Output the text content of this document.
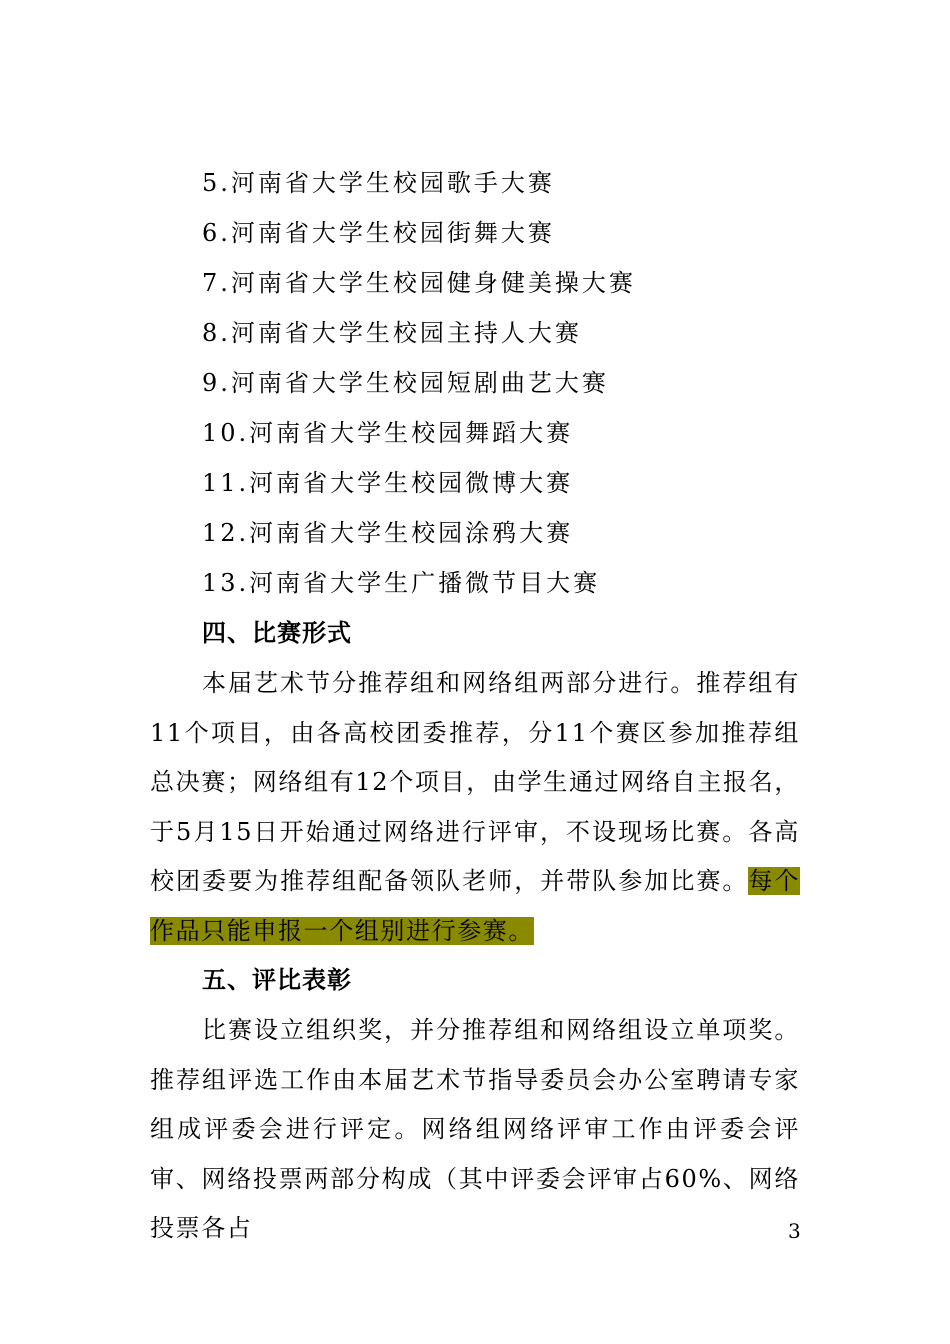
5.河南省大学生校园歌手大赛
6.河南省大学生校园街舞大赛
7.河南省大学生校园健身健美操大赛
8.河南省大学生校园主持人大赛
9.河南省大学生校园短剧曲艺大赛
10.河南省大学生校园舞蹈大赛
11.河南省大学生校园微博大赛
12.河南省大学生校园涂鸦大赛
13.河南省大学生广播微节目大赛
四、比赛形式

本届艺术节分推荐组和网络组两部分进行。推荐组有11个项目，由各高校团委推荐，分11个赛区参加推荐组总决赛；网络组有12个项目，由学生通过网络自主报名，于5月15日开始通过网络进行评审，不设现场比赛。各高校团委要为推荐组配备领队老师，并带队参加比赛。每个作品只能申报一个组别进行参赛。

五、评比表彰

比赛设立组织奖，并分推荐组和网络组设立单项奖。推荐组评选工作由本届艺术节指导委员会办公室聘请专家组成评委会进行评定。网络组网络评审工作由评委会评审、网络投票两部分构成（其中评委会评审占60%、网络投票各占	3
